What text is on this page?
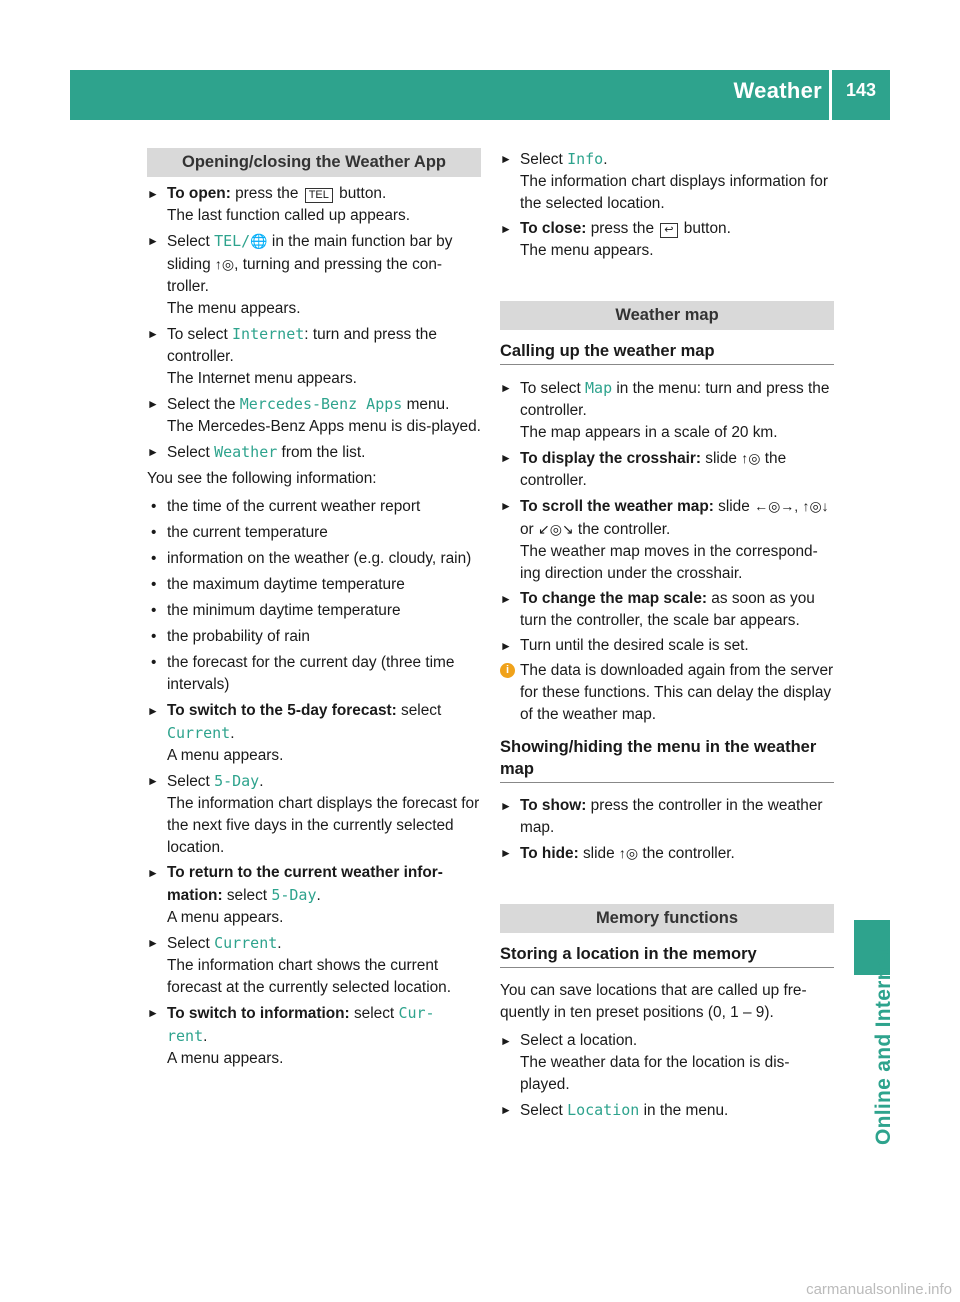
Weather	143
Online and Internet
Opening/closing the Weather App
► To open: press the TEL button.
The last function called up appears.
► Select TEL/🌐 in the main function bar by sliding ↑◎, turning and pressing the con-troller.
The menu appears.
► To select Internet: turn and press the controller.
The Internet menu appears.
► Select the Mercedes-Benz Apps menu.
The Mercedes-Benz Apps menu is dis-played.
► Select Weather from the list.
You see the following information:
• the time of the current weather report
• the current temperature
• information on the weather (e.g. cloudy, rain)
• the maximum daytime temperature
• the minimum daytime temperature
• the probability of rain
• the forecast for the current day (three time intervals)
► To switch to the 5-day forecast: select Current.
A menu appears.
► Select 5-Day.
The information chart displays the forecast for the next five days in the currently selected location.
► To return to the current weather infor-mation: select 5-Day.
A menu appears.
► Select Current.
The information chart shows the current forecast at the currently selected location.
► To switch to information: select Cur‐ rent.
A menu appears.
► Select Info.
The information chart displays information for the selected location.
► To close: press the ↩ button.
The menu appears.
Weather map
Calling up the weather map
► To select Map in the menu: turn and press the controller.
The map appears in a scale of 20 km.
► To display the crosshair: slide ↑◎ the controller.
► To scroll the weather map: slide ←◎→, ↑◎↓ or ↙◎↘ the controller.
The weather map moves in the correspond-ing direction under the crosshair.
► To change the map scale: as soon as you turn the controller, the scale bar appears.
► Turn until the desired scale is set.
i The data is downloaded again from the server for these functions. This can delay the display of the weather map.
Showing/hiding the menu in the weather map
► To show: press the controller in the weather map.
► To hide: slide ↑◎ the controller.
Memory functions
Storing a location in the memory
You can save locations that are called up fre-quently in ten preset positions (0, 1 – 9).
► Select a location.
The weather data for the location is dis-played.
► Select Location in the menu.
carmanualsonline.info
